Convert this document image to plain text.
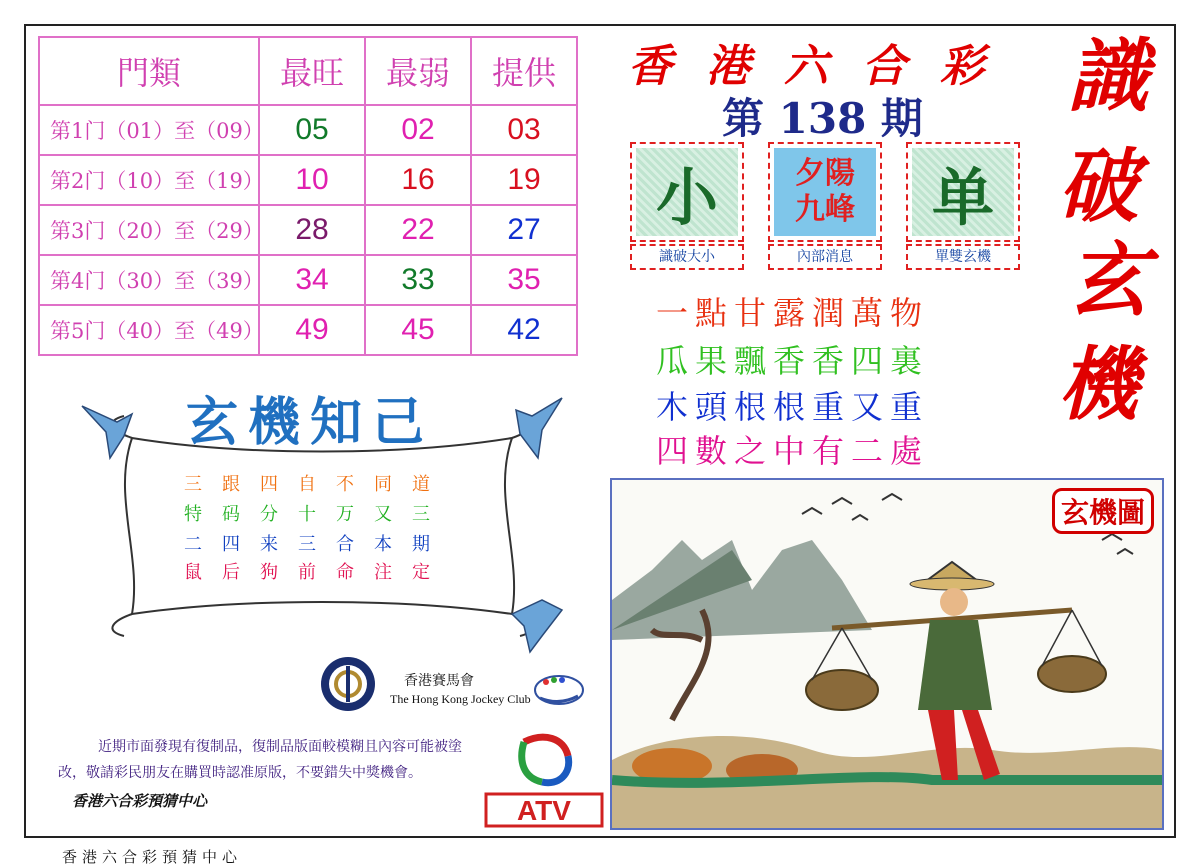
門類	最旺	最弱	提供
第1门（01）至（09）	05	02	03
第2门（10）至（19）	10	16	19
第3门（20）至（29）	28	22	27
第4门（30）至（39）	34	33	35
第5门（40）至（49）	49	45	42
香港六合彩
第 138 期 識
破
玄
機
小
識破大小
夕陽
九峰
內部消息
单
單雙玄機
一點甘露潤萬物
瓜果飄香香四裏
木頭根根重又重
四數之中有二處
玄機知己
三跟四自不同道
特码分十万又三
二四来三合本期
鼠后狗前命注定
香港賽馬會
The Hong Kong Jockey Club
ATV
近期市面發現有復制品，復制品版面較模糊且內容可能被塗改，敬請彩民朋友在購買時認准原版，不要錯失中獎機會。
香港六合彩預猜中心
玄機圖
香港六合彩預猜中心
